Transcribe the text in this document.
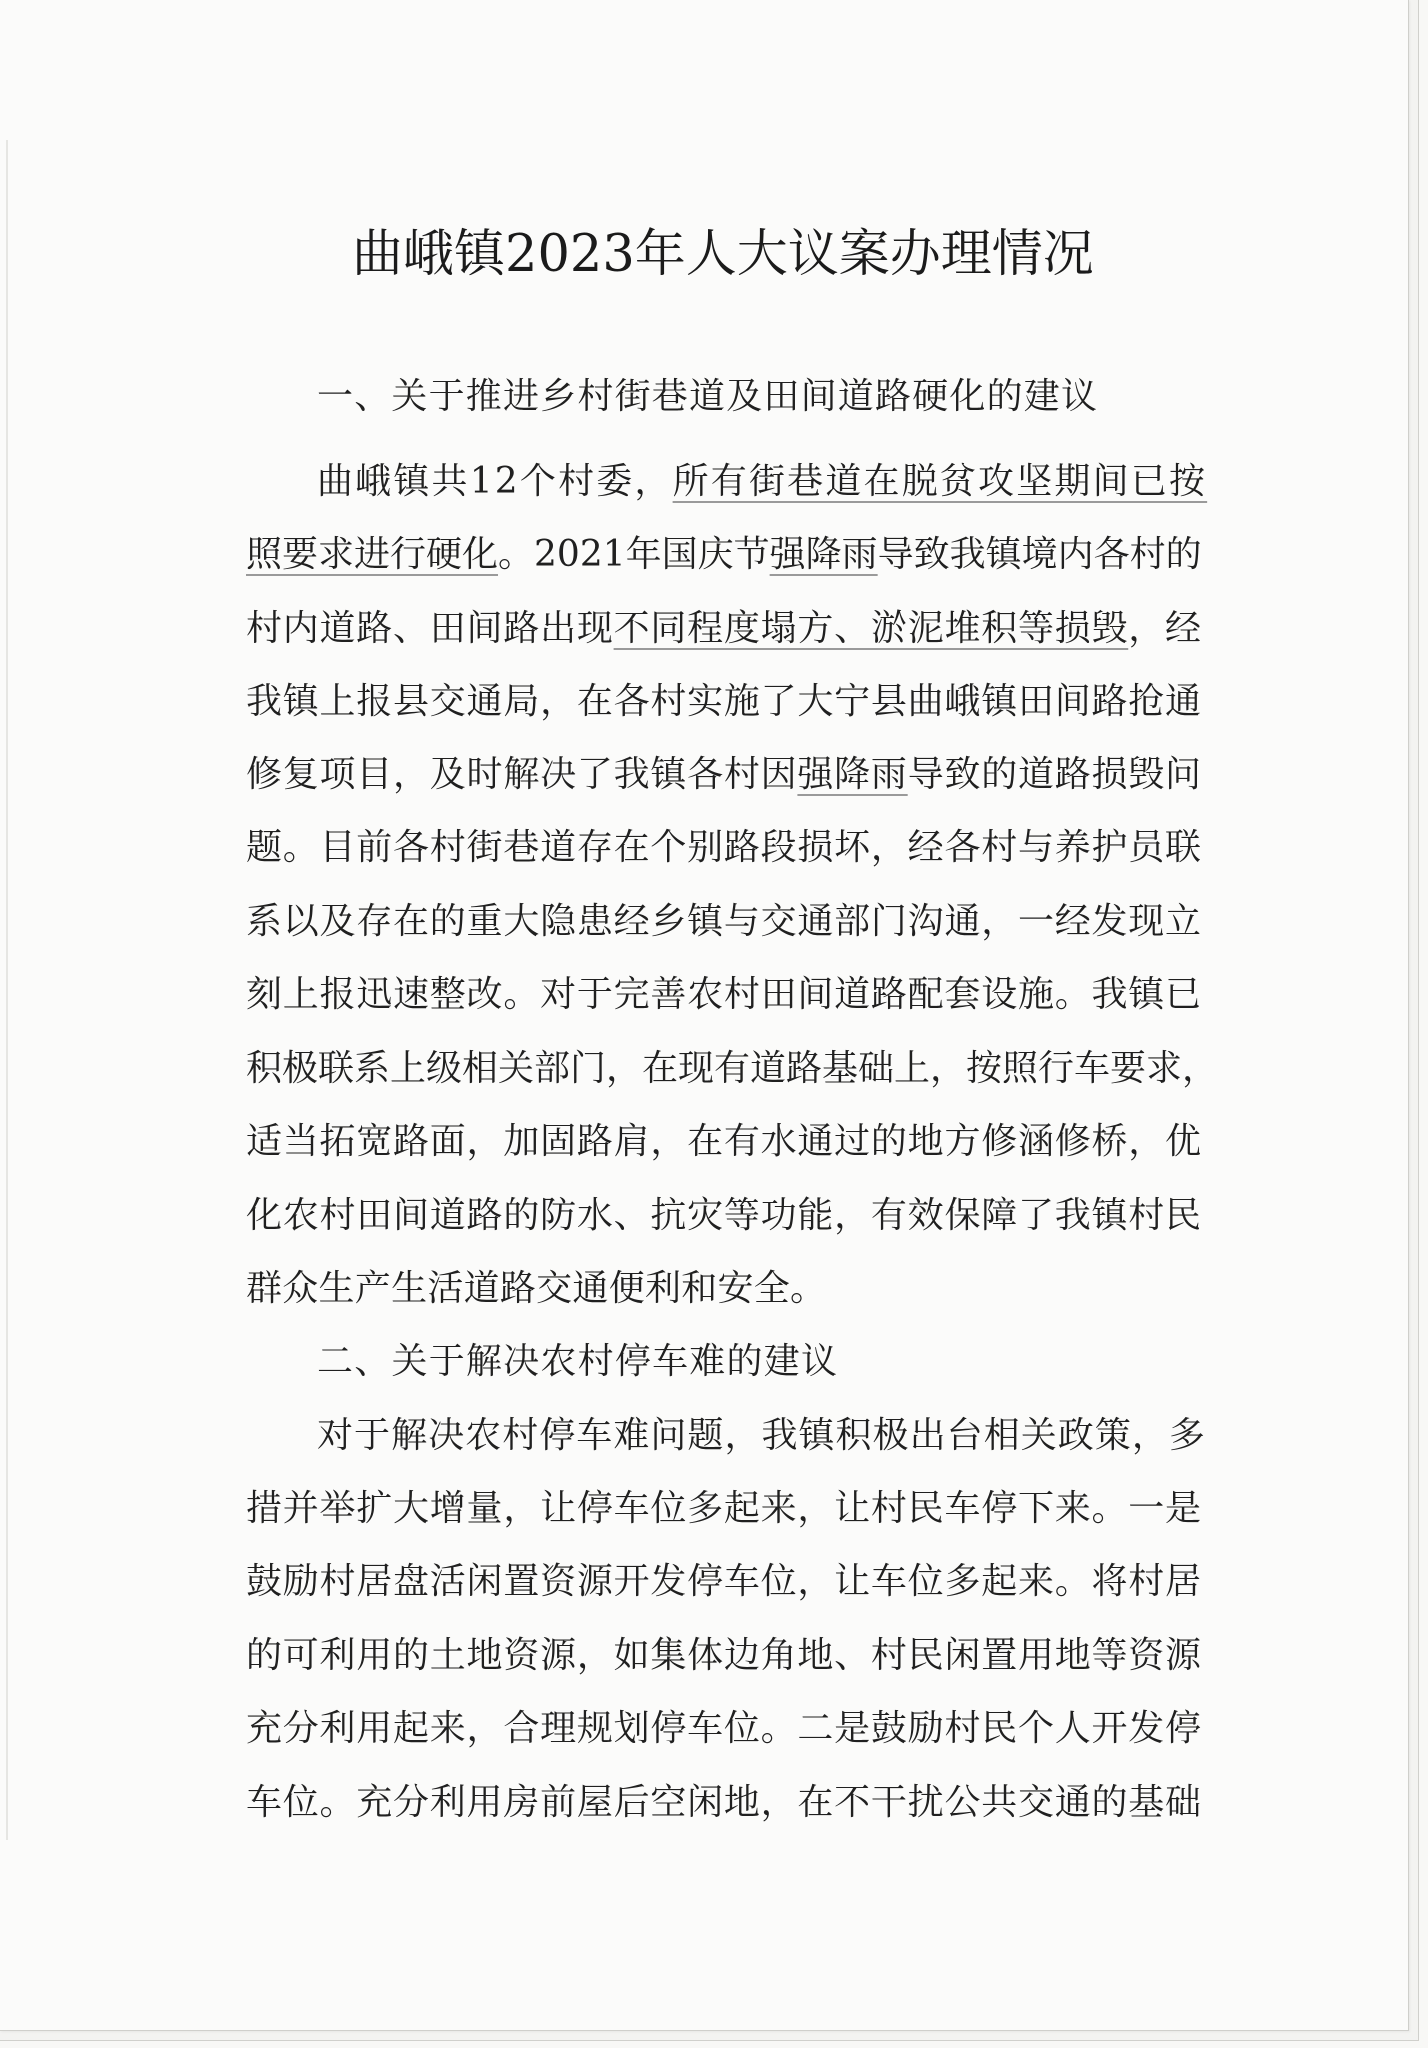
曲峨镇2023年人大议案办理情况
一、关于推进乡村街巷道及田间道路硬化的建议
曲峨镇共12个村委，所有街巷道在脱贫攻坚期间已按
照要求进行硬化。2021年国庆节强降雨导致我镇境内各村的
村内道路、田间路出现不同程度塌方、淤泥堆积等损毁，经
我镇上报县交通局，在各村实施了大宁县曲峨镇田间路抢通
修复项目，及时解决了我镇各村因强降雨导致的道路损毁问
题。目前各村街巷道存在个别路段损坏，经各村与养护员联
系以及存在的重大隐患经乡镇与交通部门沟通，一经发现立
刻上报迅速整改。对于完善农村田间道路配套设施。我镇已
积极联系上级相关部门，在现有道路基础上，按照行车要求，
适当拓宽路面，加固路肩，在有水通过的地方修涵修桥，优
化农村田间道路的防水、抗灾等功能，有效保障了我镇村民
群众生产生活道路交通便利和安全。
二、关于解决农村停车难的建议
对于解决农村停车难问题，我镇积极出台相关政策，多
措并举扩大增量，让停车位多起来，让村民车停下来。一是
鼓励村居盘活闲置资源开发停车位，让车位多起来。将村居
的可利用的土地资源，如集体边角地、村民闲置用地等资源
充分利用起来，合理规划停车位。二是鼓励村民个人开发停
车位。充分利用房前屋后空闲地，在不干扰公共交通的基础
